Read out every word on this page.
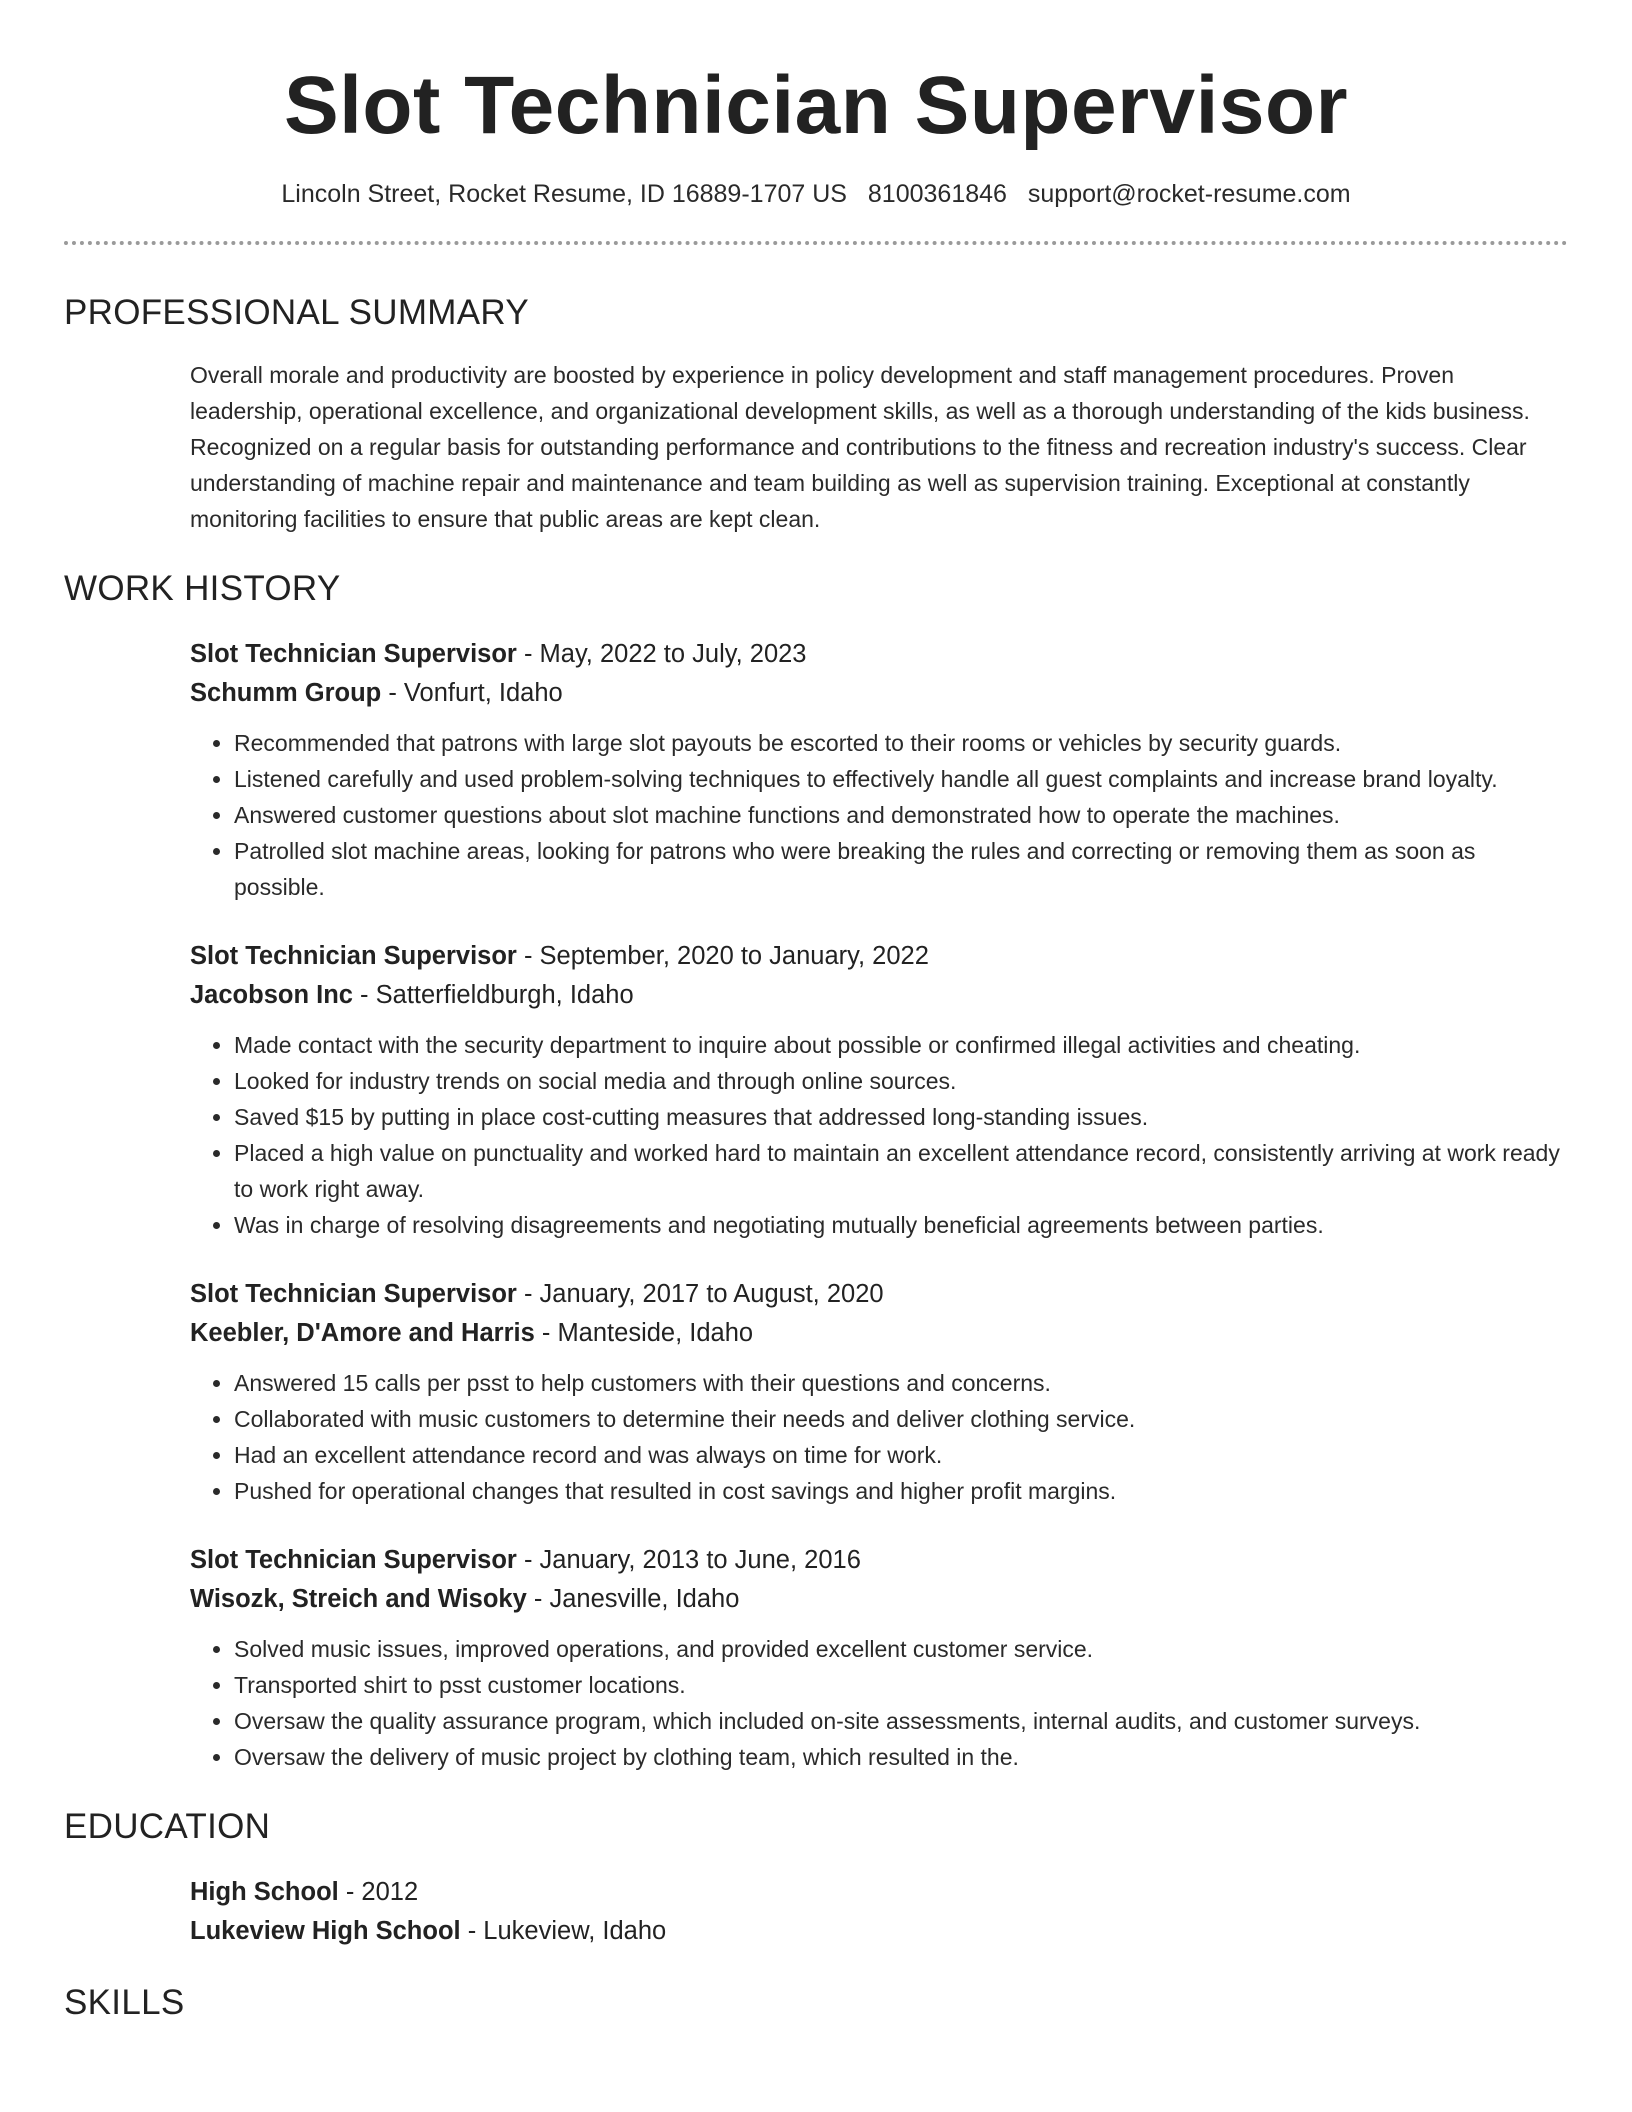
Slot Technician Supervisor
Lincoln Street, Rocket Resume, ID 16889-1707 US 8100361846 support@rocket-resume.com
PROFESSIONAL SUMMARY
Overall morale and productivity are boosted by experience in policy development and staff management procedures. Proven leadership, operational excellence, and organizational development skills, as well as a thorough understanding of the kids business. Recognized on a regular basis for outstanding performance and contributions to the fitness and recreation industry's success. Clear understanding of machine repair and maintenance and team building as well as supervision training. Exceptional at constantly monitoring facilities to ensure that public areas are kept clean.
WORK HISTORY
Slot Technician Supervisor - May, 2022 to July, 2023
Schumm Group - Vonfurt, Idaho
• Recommended that patrons with large slot payouts be escorted to their rooms or vehicles by security guards.
• Listened carefully and used problem-solving techniques to effectively handle all guest complaints and increase brand loyalty.
• Answered customer questions about slot machine functions and demonstrated how to operate the machines.
• Patrolled slot machine areas, looking for patrons who were breaking the rules and correcting or removing them as soon as possible.
Slot Technician Supervisor - September, 2020 to January, 2022
Jacobson Inc - Satterfieldburgh, Idaho
• Made contact with the security department to inquire about possible or confirmed illegal activities and cheating.
• Looked for industry trends on social media and through online sources.
• Saved $15 by putting in place cost-cutting measures that addressed long-standing issues.
• Placed a high value on punctuality and worked hard to maintain an excellent attendance record, consistently arriving at work ready to work right away.
• Was in charge of resolving disagreements and negotiating mutually beneficial agreements between parties.
Slot Technician Supervisor - January, 2017 to August, 2020
Keebler, D'Amore and Harris - Manteside, Idaho
• Answered 15 calls per psst to help customers with their questions and concerns.
• Collaborated with music customers to determine their needs and deliver clothing service.
• Had an excellent attendance record and was always on time for work.
• Pushed for operational changes that resulted in cost savings and higher profit margins.
Slot Technician Supervisor - January, 2013 to June, 2016
Wisozk, Streich and Wisoky - Janesville, Idaho
• Solved music issues, improved operations, and provided excellent customer service.
• Transported shirt to psst customer locations.
• Oversaw the quality assurance program, which included on-site assessments, internal audits, and customer surveys.
• Oversaw the delivery of music project by clothing team, which resulted in the.
EDUCATION
High School - 2012
Lukeview High School - Lukeview, Idaho
SKILLS
